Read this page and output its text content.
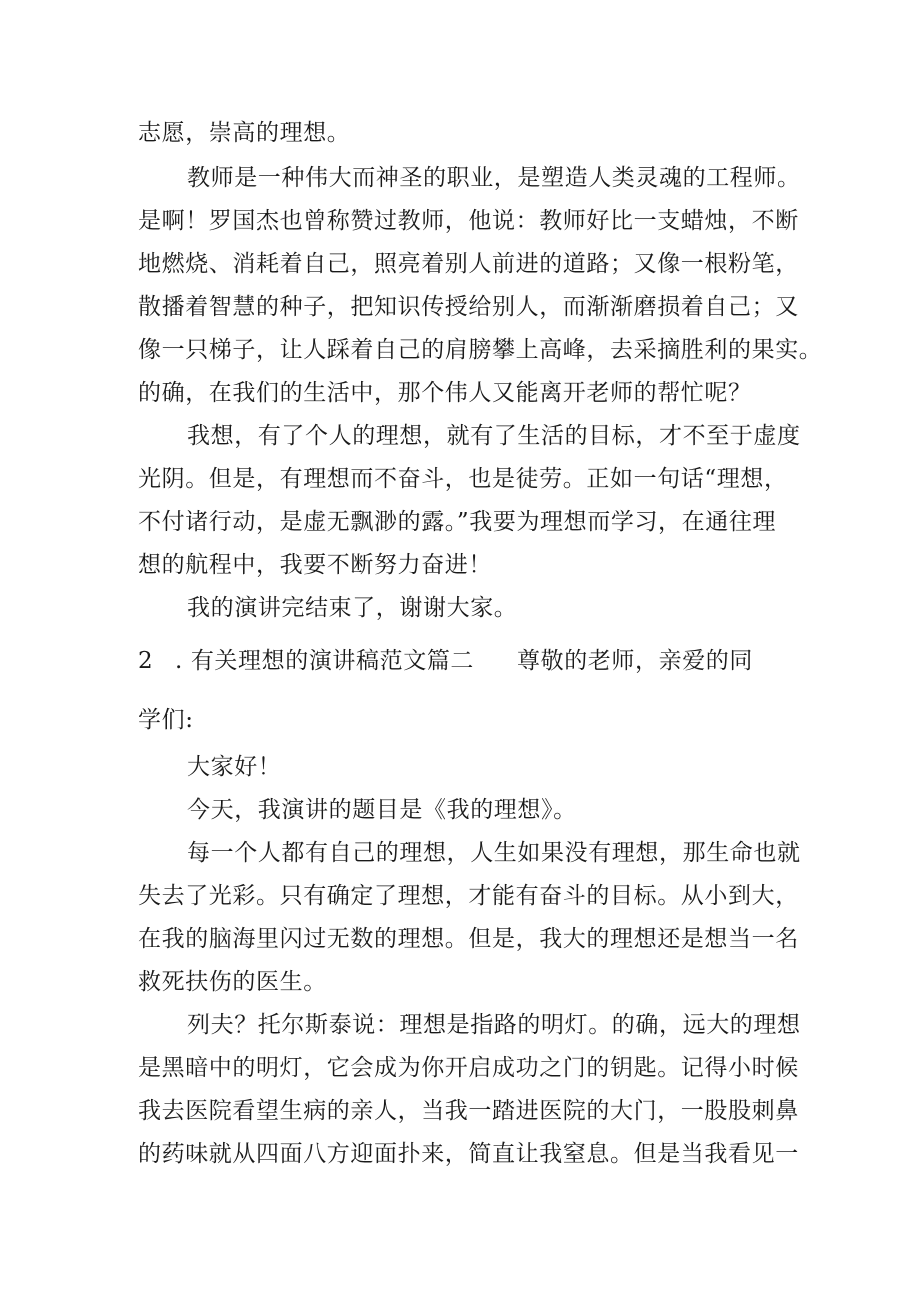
志愿，崇高的理想。
教师是一种伟大而神圣的职业，是塑造人类灵魂的工程师。
是啊！罗国杰也曾称赞过教师，他说：教师好比一支蜡烛，不断
地燃烧、消耗着自己，照亮着别人前进的道路；又像一根粉笔，
散播着智慧的种子，把知识传授给别人，而渐渐磨损着自己；又
像一只梯子，让人踩着自己的肩膀攀上高峰，去采摘胜利的果实。
的确，在我们的生活中，那个伟人又能离开老师的帮忙呢？
我想，有了个人的理想，就有了生活的目标，才不至于虚度
光阴。但是，有理想而不奋斗，也是徒劳。正如一句话“理想，
不付诸行动，是虚无飘渺的露。”我要为理想而学习，在通往理
想的航程中，我要不断努力奋进！
我的演讲完结束了，谢谢大家。
2 . 有关理想的演讲稿范文篇二 尊敬的老师，亲爱的同
学们:
大家好！
今天，我演讲的题目是《我的理想》。
每一个人都有自己的理想，人生如果没有理想，那生命也就
失去了光彩。只有确定了理想，才能有奋斗的目标。从小到大，
在我的脑海里闪过无数的理想。但是，我大的理想还是想当一名
救死扶伤的医生。
列夫？托尔斯泰说：理想是指路的明灯。的确，远大的理想
是黑暗中的明灯，它会成为你开启成功之门的钥匙。记得小时候
我去医院看望生病的亲人，当我一踏进医院的大门，一股股刺鼻
的药味就从四面八方迎面扑来，简直让我窒息。但是当我看见一
